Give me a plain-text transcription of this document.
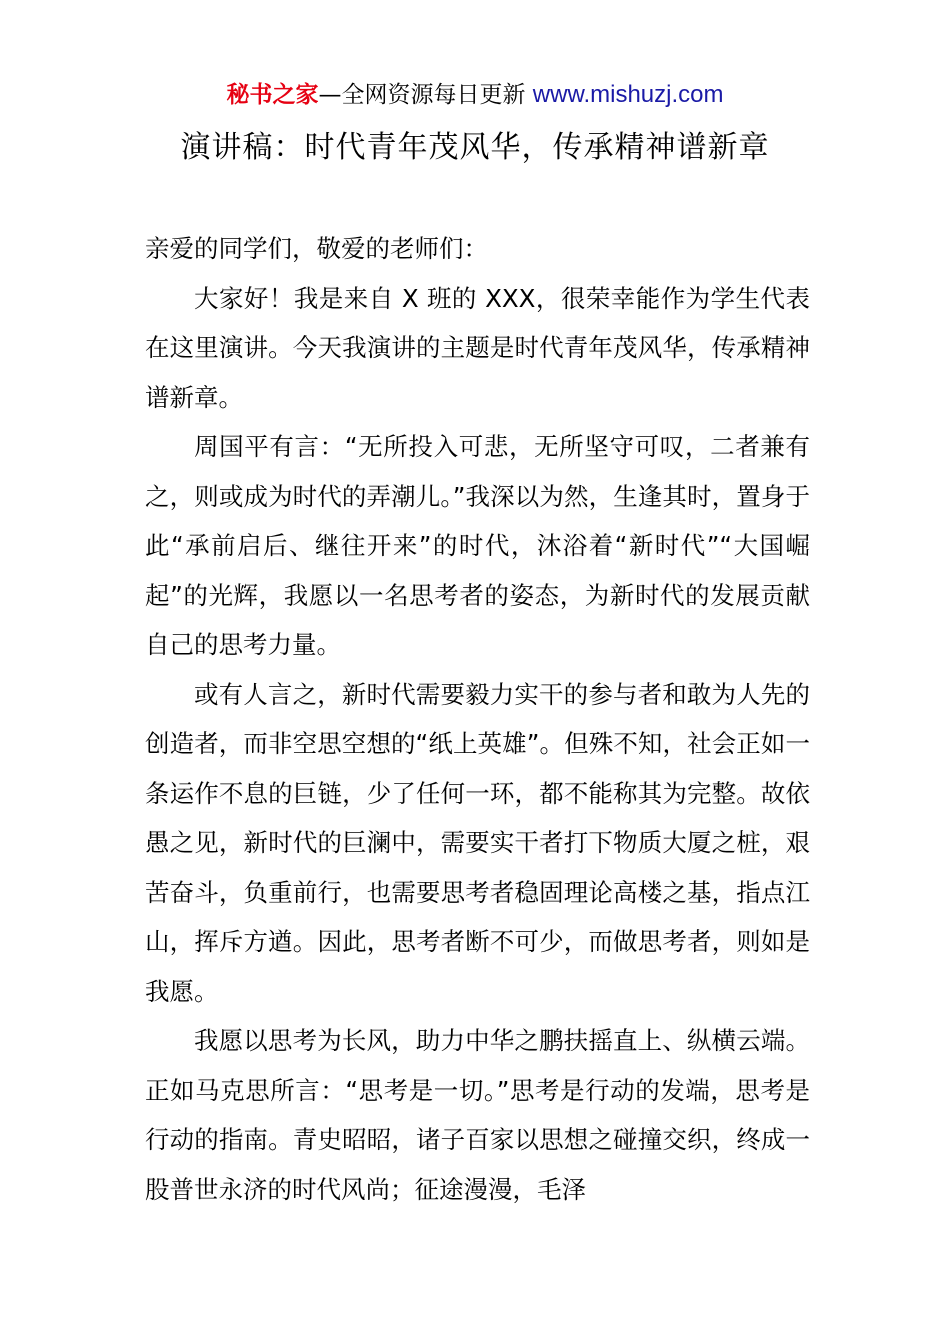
秘书之家—全网资源每日更新 www.mishuzj.com
演讲稿：时代青年茂风华，传承精神谱新章

亲爱的同学们，敬爱的老师们：

大家好！我是来自 X 班的 XXX，很荣幸能作为学生代表在这里演讲。今天我演讲的主题是时代青年茂风华，传承精神谱新章。

周国平有言：“无所投入可悲，无所坚守可叹，二者兼有之，则或成为时代的弄潮儿。”我深以为然，生逢其时，置身于此“承前启后、继往开来”的时代，沐浴着“新时代”“大国崛起”的光辉，我愿以一名思考者的姿态，为新时代的发展贡献自己的思考力量。

或有人言之，新时代需要毅力实干的参与者和敢为人先的创造者，而非空思空想的“纸上英雄”。但殊不知，社会正如一条运作不息的巨链，少了任何一环，都不能称其为完整。故依愚之见，新时代的巨澜中，需要实干者打下物质大厦之桩，艰苦奋斗，负重前行，也需要思考者稳固理论高楼之基，指点江山，挥斥方遒。因此，思考者断不可少，而做思考者，则如是我愿。

我愿以思考为长风，助力中华之鹏扶摇直上、纵横云端。正如马克思所言：“思考是一切。”思考是行动的发端，思考是行动的指南。青史昭昭，诸子百家以思想之碰撞交织，终成一股普世永济的时代风尚；征途漫漫，毛泽
